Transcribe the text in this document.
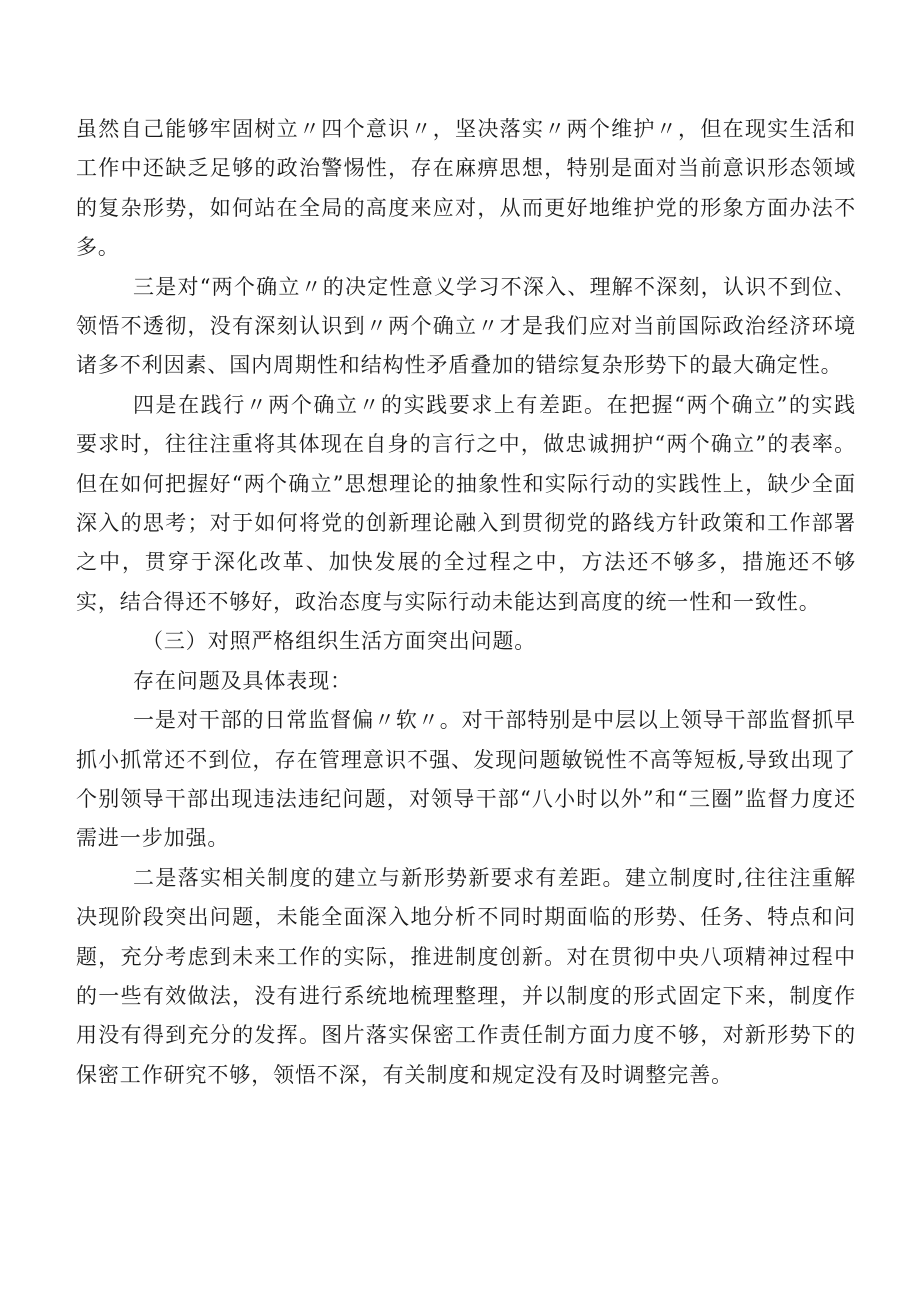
虽然自己能够牢固树立〃四个意识〃，坚决落实〃两个维护〃，但在现实生活和工作中还缺乏足够的政治警惕性，存在麻痹思想，特别是面对当前意识形态领域的复杂形势，如何站在全局的高度来应对，从而更好地维护党的形象方面办法不多。

三是对“两个确立〃的决定性意义学习不深入、理解不深刻，认识不到位、领悟不透彻，没有深刻认识到〃两个确立〃才是我们应对当前国际政治经济环境诸多不利因素、国内周期性和结构性矛盾叠加的错综复杂形势下的最大确定性。

四是在践行〃两个确立〃的实践要求上有差距。在把握“两个确立”的实践要求时，往往注重将其体现在自身的言行之中，做忠诚拥护“两个确立”的表率。但在如何把握好“两个确立”思想理论的抽象性和实际行动的实践性上，缺少全面深入的思考；对于如何将党的创新理论融入到贯彻党的路线方针政策和工作部署之中，贯穿于深化改革、加快发展的全过程之中，方法还不够多，措施还不够实，结合得还不够好，政治态度与实际行动未能达到高度的统一性和一致性。

（三）对照严格组织生活方面突出问题。

存在问题及具体表现：

一是对干部的日常监督偏〃软〃。对干部特别是中层以上领导干部监督抓早抓小抓常还不到位，存在管理意识不强、发现问题敏锐性不高等短板,导致出现了个别领导干部出现违法违纪问题，对领导干部“八小时以外”和“三圈”监督力度还需进一步加强。

二是落实相关制度的建立与新形势新要求有差距。建立制度时,往往注重解决现阶段突出问题，未能全面深入地分析不同时期面临的形势、任务、特点和问题，充分考虑到未来工作的实际，推进制度创新。对在贯彻中央八项精神过程中的一些有效做法，没有进行系统地梳理整理，并以制度的形式固定下来，制度作用没有得到充分的发挥。图片落实保密工作责任制方面力度不够，对新形势下的保密工作研究不够，领悟不深，有关制度和规定没有及时调整完善。
